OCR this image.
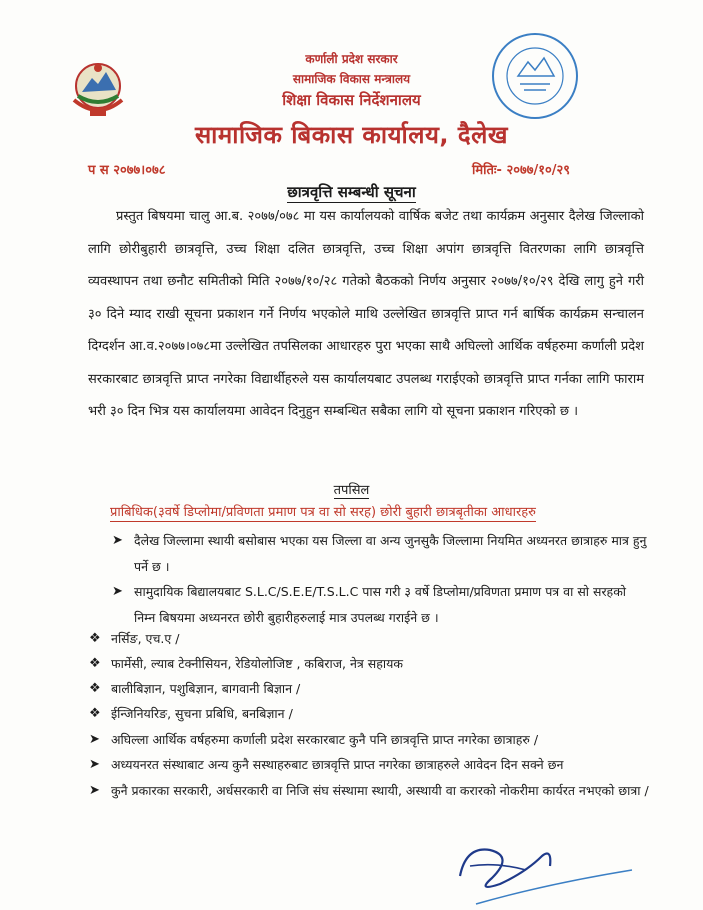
कर्णाली प्रदेश सरकार
सामाजिक विकास मन्त्रालय
शिक्षा विकास निर्देशनालय
सामाजिक बिकास कार्यालय, दैलेख
प स २०७७।०७८	मितिः- २०७७/१०/२९
छात्रवृत्ति सम्बन्धी सूचना
प्रस्तुत बिषयमा चालु आ.ब. २०७७/०७८ मा यस कार्यालयको वार्षिक बजेट तथा कार्यक्रम अनुसार दैलेख जिल्लाको लागि छोरीबुहारी छात्रवृत्ति, उच्च शिक्षा दलित छात्रवृत्ति, उच्च शिक्षा अपांग छात्रवृत्ति वितरणका लागि छात्रवृत्ति व्यवस्थापन तथा छनौट समितीको मिति २०७७/१०/२८ गतेको बैठकको निर्णय अनुसार २०७७/१०/२९ देखि लागु हुने गरी ३० दिने म्याद राखी सूचना प्रकाशन गर्ने निर्णय भएकोले माथि उल्लेखित छात्रवृत्ति प्राप्त गर्न बार्षिक कार्यक्रम सन्चालन दिग्दर्शन आ.व.२०७७।०७८मा उल्लेखित तपसिलका आधारहरु पुरा भएका साथै अघिल्लो आर्थिक वर्षहरुमा कर्णाली प्रदेश सरकारबाट छात्रवृत्ति प्राप्त नगरेका विद्यार्थीहरुले यस कार्यालयबाट उपलब्ध गराईएको छात्रवृत्ति प्राप्त गर्नका लागि फाराम भरी ३० दिन भित्र यस कार्यालयमा आवेदन दिनुहुन सम्बन्धित सबैका लागि यो सूचना प्रकाशन गरिएको छ ।
तपसिल
प्राबिधिक(३वर्षे डिप्लोमा/प्रविणता प्रमाण पत्र वा सो सरह) छोरी बुहारी छात्रबृतीका आधारहरु
➤ दैलेख जिल्लामा स्थायी बसोबास भएका यस जिल्ला वा अन्य जुनसुकै जिल्लामा नियमित अध्यनरत छात्राहरु मात्र हुनु पर्ने छ ।
➤ सामुदायिक बिद्यालयबाट S.L.C/S.E.E/T.S.L.C पास गरी ३ वर्षे डिप्लोमा/प्रविणता प्रमाण पत्र वा सो सरहको निम्न बिषयमा अध्यनरत छोरी बुहारीहरुलाई मात्र उपलब्ध गराईने छ ।
❖ नर्सिङ, एच.ए /
❖ फार्मेसी, ल्याब टेक्नीसियन, रेडियोलोजिष्ट , कबिराज, नेत्र सहायक
❖ बालीबिज्ञान, पशुबिज्ञान, बागवानी बिज्ञान /
❖ ईन्जिनियरिङ, सुचना प्रबिधि, बनबिज्ञान /
➤ अघिल्ला आर्थिक वर्षहरुमा कर्णाली प्रदेश सरकारबाट कुनै पनि छात्रवृत्ति प्राप्त नगरेका छात्राहरु /
➤ अध्ययनरत संस्थाबाट अन्य कुनै सस्थाहरुबाट छात्रवृत्ति प्राप्त नगरेका छात्राहरुले आवेदन दिन सक्ने छन
➤ कुनै प्रकारका सरकारी, अर्धसरकारी वा निजि संघ संस्थामा स्थायी, अस्थायी वा करारको नोकरीमा कार्यरत नभएको छात्रा /
